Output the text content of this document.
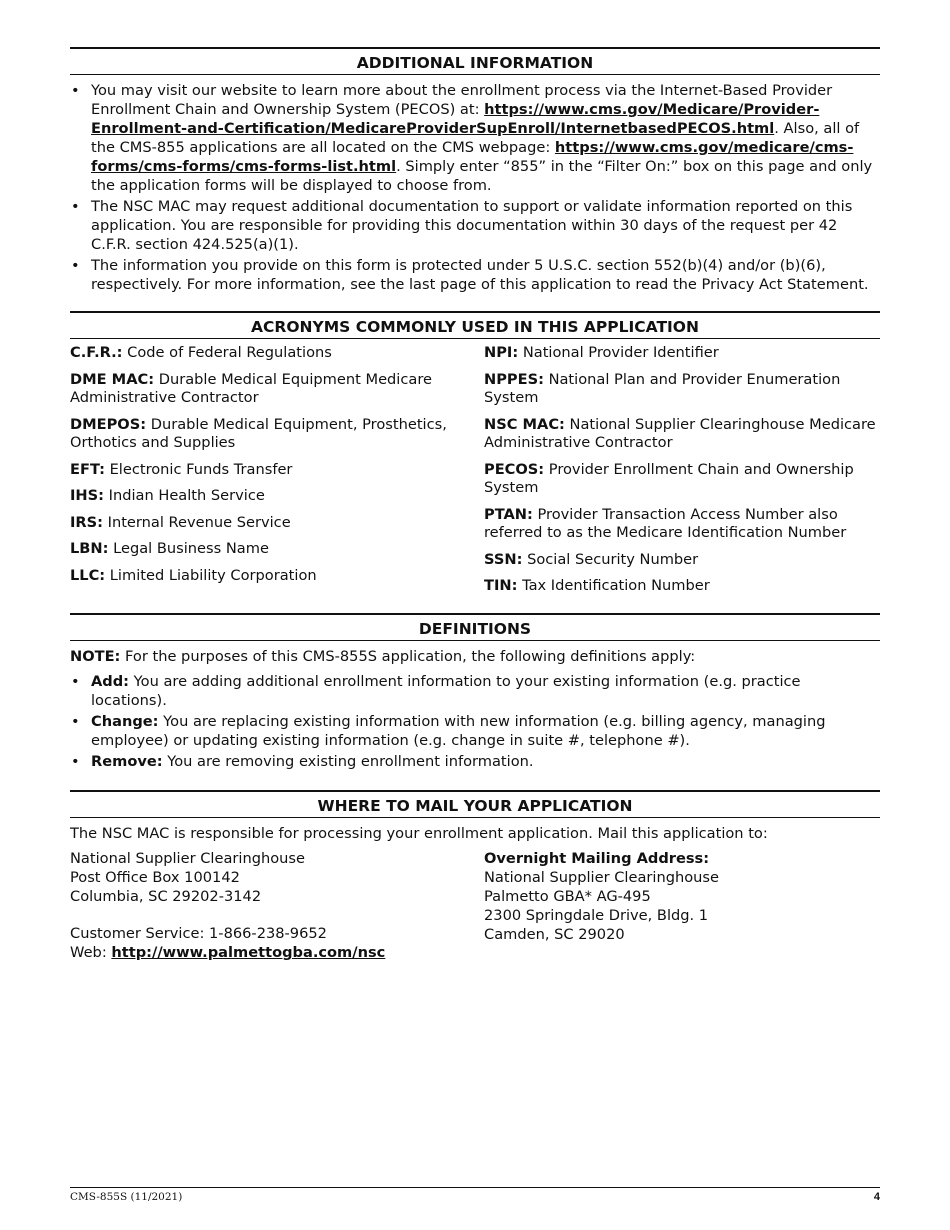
ADDITIONAL INFORMATION
• You may visit our website to learn more about the enrollment process via the Internet-Based Provider Enrollment Chain and Ownership System (PECOS) at: https://www.cms.gov/Medicare/Provider-Enrollment-and-Certification/MedicareProviderSupEnroll/InternetbasedPECOS.html. Also, all of the CMS-855 applications are all located on the CMS webpage: https://www.cms.gov/medicare/cms-forms/cms-forms/cms-forms-list.html. Simply enter “855” in the “Filter On:” box on this page and only the application forms will be displayed to choose from.
• The NSC MAC may request additional documentation to support or validate information reported on this application. You are responsible for providing this documentation within 30 days of the request per 42 C.F.R. section 424.525(a)(1).
• The information you provide on this form is protected under 5 U.S.C. section 552(b)(4) and/or (b)(6), respectively. For more information, see the last page of this application to read the Privacy Act Statement.
ACRONYMS COMMONLY USED IN THIS APPLICATION
C.F.R.: Code of Federal Regulations
DME MAC: Durable Medical Equipment Medicare Administrative Contractor
DMEPOS: Durable Medical Equipment, Prosthetics, Orthotics and Supplies
EFT: Electronic Funds Transfer
IHS: Indian Health Service
IRS: Internal Revenue Service
LBN: Legal Business Name
LLC: Limited Liability Corporation
NPI: National Provider Identifier
NPPES: National Plan and Provider Enumeration System
NSC MAC: National Supplier Clearinghouse Medicare Administrative Contractor
PECOS: Provider Enrollment Chain and Ownership System
PTAN: Provider Transaction Access Number also referred to as the Medicare Identification Number
SSN: Social Security Number
TIN: Tax Identification Number
DEFINITIONS
NOTE: For the purposes of this CMS-855S application, the following definitions apply:
• Add: You are adding additional enrollment information to your existing information (e.g. practice locations).
• Change: You are replacing existing information with new information (e.g. billing agency, managing employee) or updating existing information (e.g. change in suite #, telephone #).
• Remove: You are removing existing enrollment information.
WHERE TO MAIL YOUR APPLICATION
The NSC MAC is responsible for processing your enrollment application. Mail this application to:
National Supplier Clearinghouse
Post Office Box 100142
Columbia, SC 29202-3142
Customer Service: 1-866-238-9652
Web: http://www.palmettogba.com/nsc
Overnight Mailing Address:
National Supplier Clearinghouse
Palmetto GBA* AG-495
2300 Springdale Drive, Bldg. 1
Camden, SC 29020
CMS-855S (11/2021)	4
